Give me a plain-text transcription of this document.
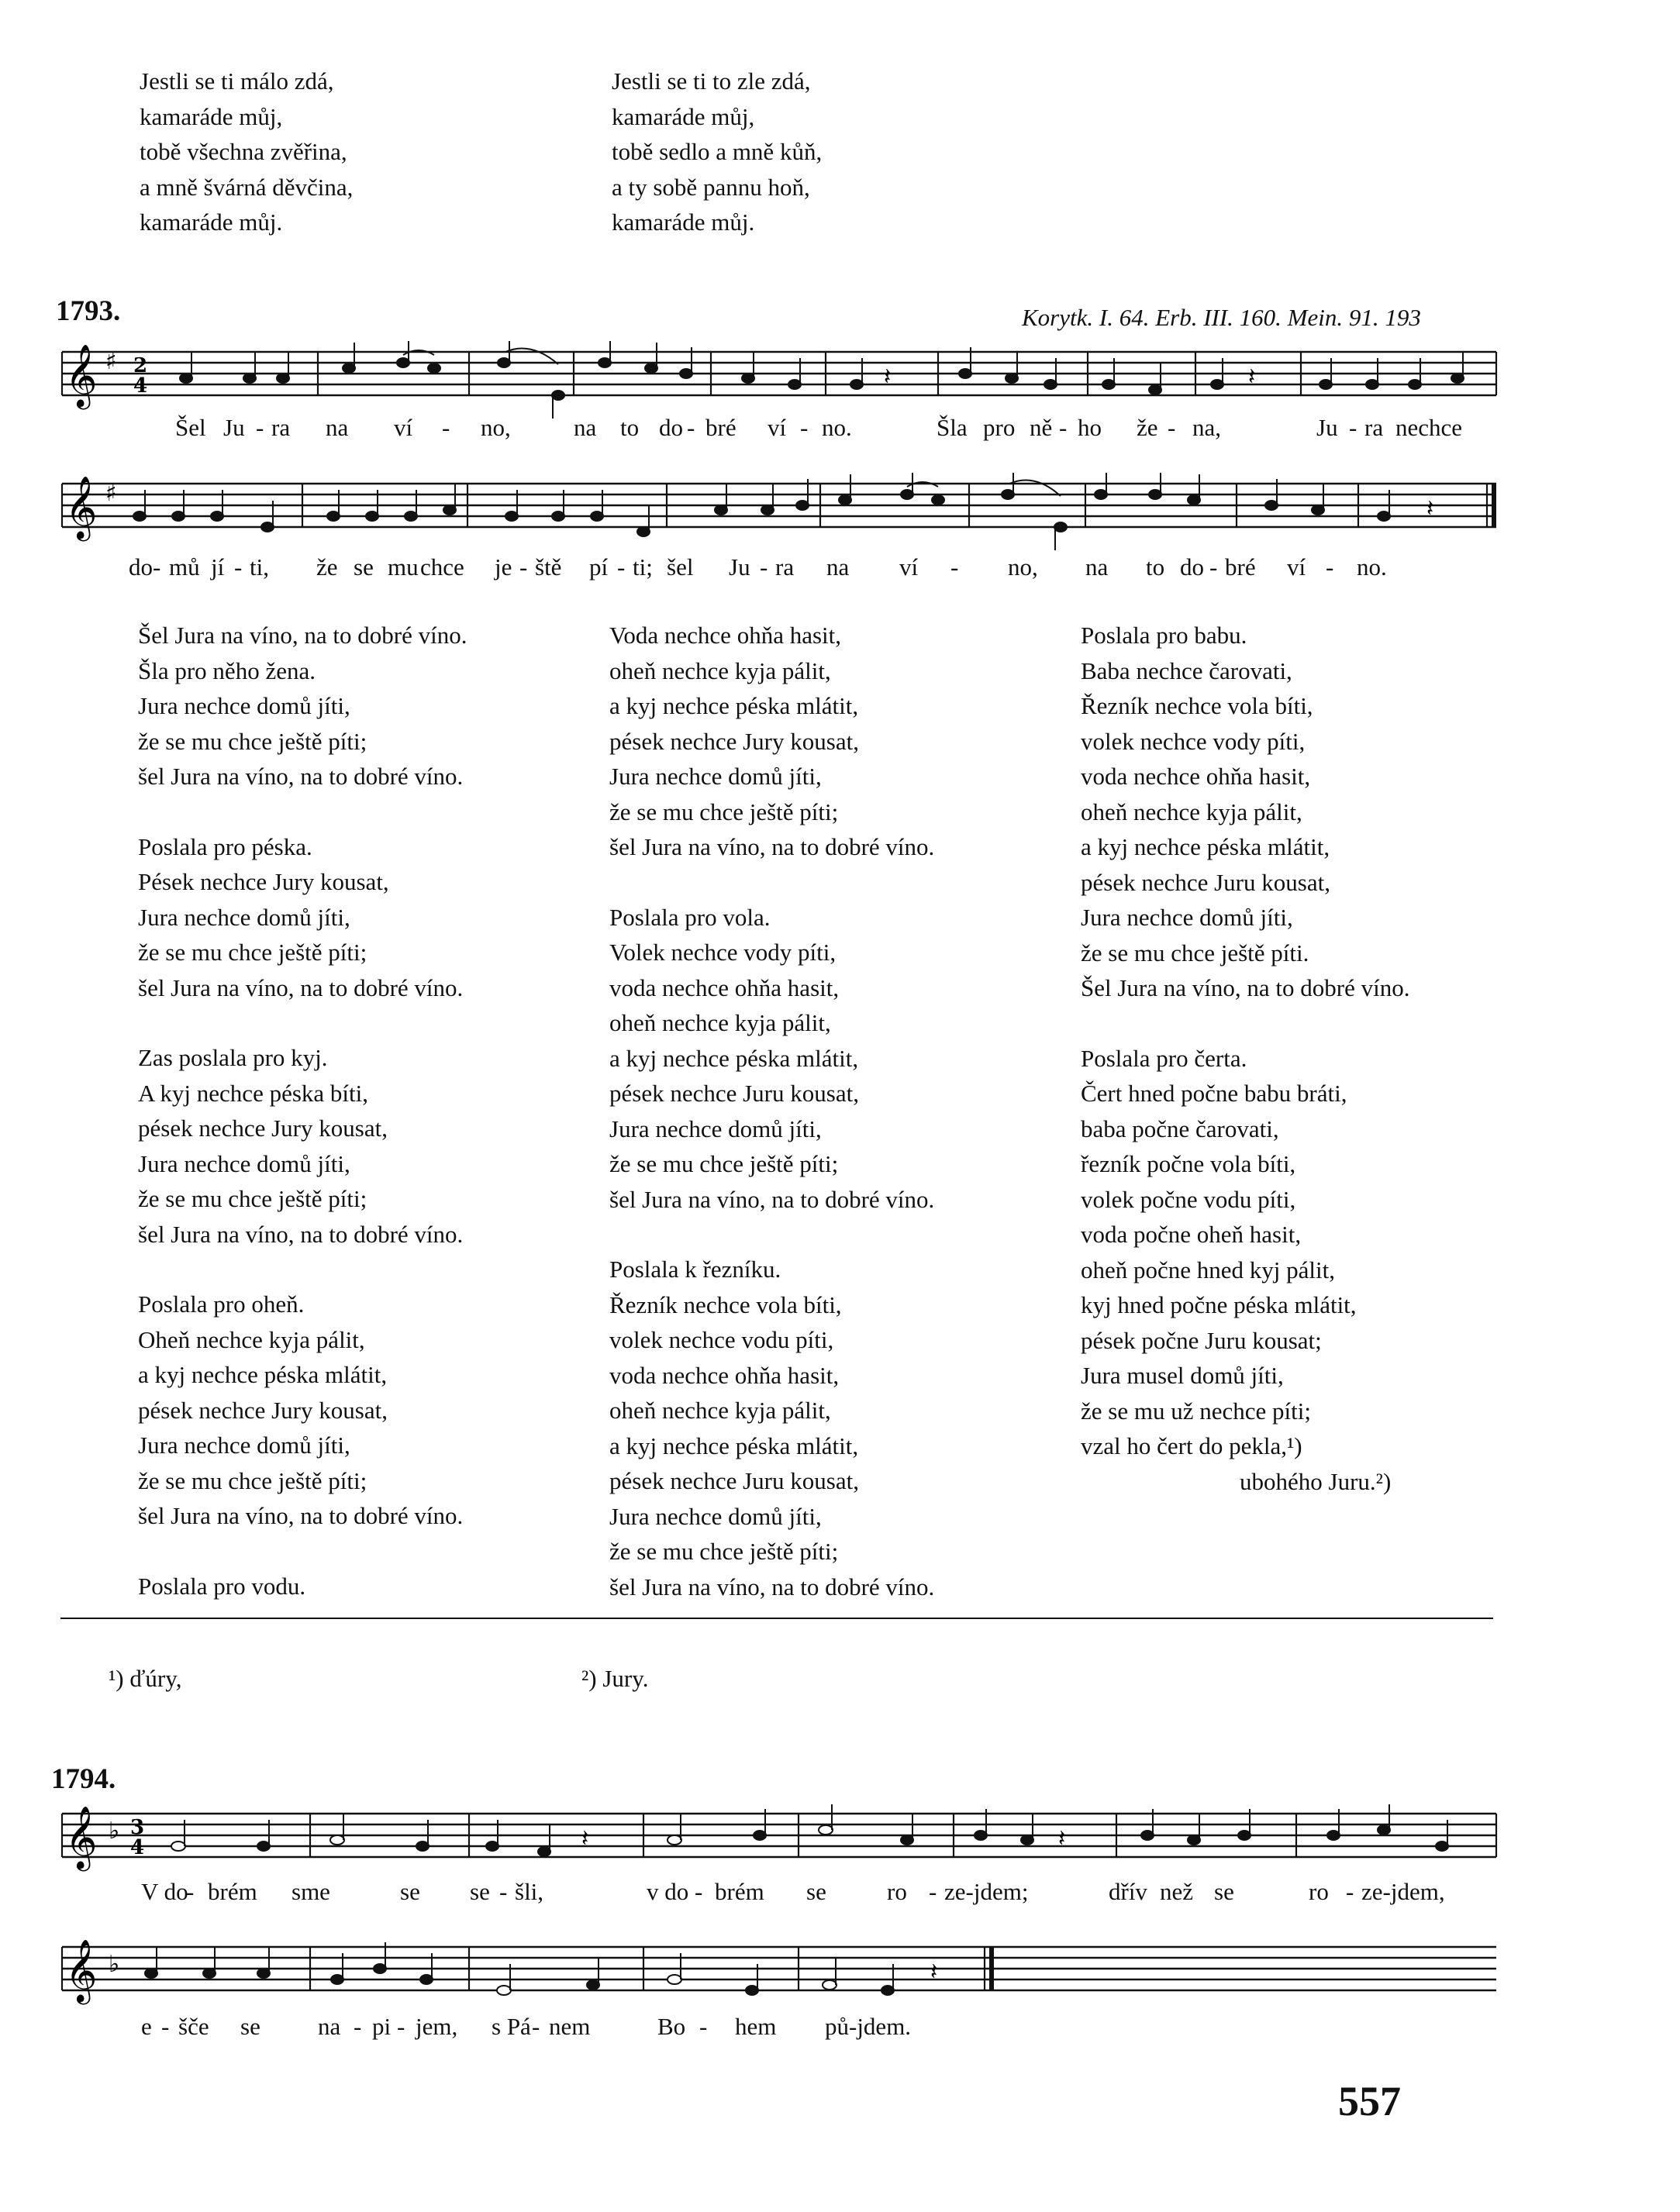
Jestli se ti málo zdá,
kamaráde můj,
tobě všechna zvěřina,
a mně švárná děvčina,
kamaráde můj.
Jestli se ti to zle zdá,
kamaráde můj,
tobě sedlo a mně kůň,
a ty sobě pannu hoň,
kamaráde můj.
1793.	Korytk. I. 64. Erb. III. 160. Mein. 91. 193
𝄞 ♯ 2
4	𝄽	𝄽
Šel Ju - ra na ví - no,	na to do - bré ví - no.	Šla pro ně - ho že - na,	Ju - ra nechce
𝄞 ♯
𝄽
do- mů jí - ti, že se mu chce je - ště pí - ti; šel Ju - ra na ví - no, na to do - bré ví - no.
Šel Jura na víno, na to dobré víno.
Šla pro něho žena.
Jura nechce domů jíti,
že se mu chce ještě píti;
šel Jura na víno, na to dobré víno.
Poslala pro péska.
Pések nechce Jury kousat,
Jura nechce domů jíti,
že se mu chce ještě píti;
šel Jura na víno, na to dobré víno.
Zas poslala pro kyj.
A kyj nechce péska bíti,
pések nechce Jury kousat,
Jura nechce domů jíti,
že se mu chce ještě píti;
šel Jura na víno, na to dobré víno.
Poslala pro oheň.
Oheň nechce kyja pálit,
a kyj nechce péska mlátit,
pések nechce Jury kousat,
Jura nechce domů jíti,
že se mu chce ještě píti;
šel Jura na víno, na to dobré víno.
Poslala pro vodu.
Voda nechce ohňa hasit,
oheň nechce kyja pálit,
a kyj nechce péska mlátit,
pések nechce Jury kousat,
Jura nechce domů jíti,
že se mu chce ještě píti;
šel Jura na víno, na to dobré víno.
Poslala pro vola.
Volek nechce vody píti,
voda nechce ohňa hasit,
oheň nechce kyja pálit,
a kyj nechce péska mlátit,
pések nechce Juru kousat,
Jura nechce domů jíti,
že se mu chce ještě píti;
šel Jura na víno, na to dobré víno.
Poslala k řezníku.
Řezník nechce vola bíti,
volek nechce vodu píti,
voda nechce ohňa hasit,
oheň nechce kyja pálit,
a kyj nechce péska mlátit,
pések nechce Juru kousat,
Jura nechce domů jíti,
že se mu chce ještě píti;
šel Jura na víno, na to dobré víno.
Poslala pro babu.
Baba nechce čarovati,
Řezník nechce vola bíti,
volek nechce vody píti,
voda nechce ohňa hasit,
oheň nechce kyja pálit,
a kyj nechce péska mlátit,
pések nechce Juru kousat,
Jura nechce domů jíti,
že se mu chce ještě píti.
Šel Jura na víno, na to dobré víno.
Poslala pro čerta.
Čert hned počne babu bráti,
baba počne čarovati,
řezník počne vola bíti,
volek počne vodu píti,
voda počne oheň hasit,
oheň počne hned kyj pálit,
kyj hned počne péska mlátit,
pések počne Juru kousat;
Jura musel domů jíti,
že se mu už nechce píti;
vzal ho čert do pekla,¹)
ubohého Juru.²)
¹) ďúry,	²) Jury.
1794.
𝄞 ♭ 3
4	𝄽	𝄽
V do
- brém sme	se se - šli,	v do - brém se	ro - ze-jdem;	dřív než se	ro - ze-jdem,
𝄞 ♭	𝄽
e - šče se na - pi - jem, s Pá - nem	Bo - hem pů-jdem.
557
